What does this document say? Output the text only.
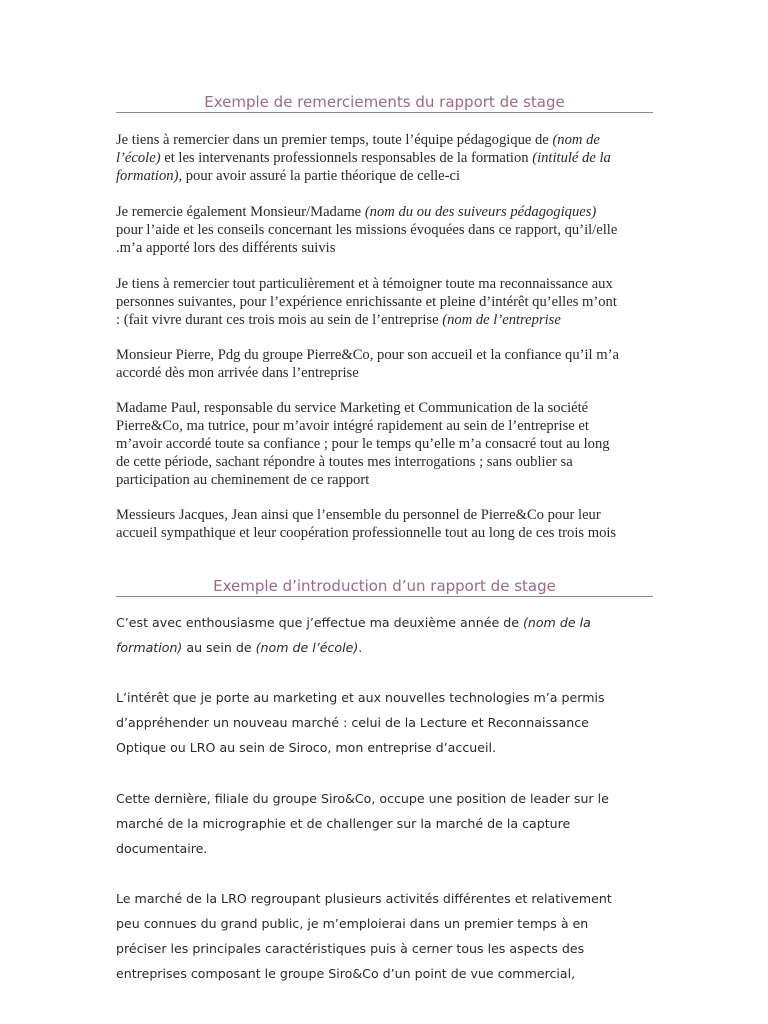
Exemple de remerciements du rapport de stage
Je tiens à remercier dans un premier temps, toute l’équipe pédagogique de (nom de
l’école) et les intervenants professionnels responsables de la formation (intitulé de la
formation), pour avoir assuré la partie théorique de celle-ci
Je remercie également Monsieur/Madame (nom du ou des suiveurs pédagogiques)
pour l’aide et les conseils concernant les missions évoquées dans ce rapport, qu’il/elle
.m’a apporté lors des différents suivis
Je tiens à remercier tout particulièrement et à témoigner toute ma reconnaissance aux
personnes suivantes, pour l’expérience enrichissante et pleine d’intérêt qu’elles m’ont
: (fait vivre durant ces trois mois au sein de l’entreprise (nom de l’entreprise
Monsieur Pierre, Pdg du groupe Pierre&Co, pour son accueil et la confiance qu’il m’a
accordé dès mon arrivée dans l’entreprise
Madame Paul, responsable du service Marketing et Communication de la société
Pierre&Co, ma tutrice, pour m’avoir intégré rapidement au sein de l’entreprise et
m’avoir accordé toute sa confiance ; pour le temps qu’elle m’a consacré tout au long
de cette période, sachant répondre à toutes mes interrogations ; sans oublier sa
participation au cheminement de ce rapport
Messieurs Jacques, Jean ainsi que l’ensemble du personnel de Pierre&Co pour leur
accueil sympathique et leur coopération professionnelle tout au long de ces trois mois
Exemple d’introduction d’un rapport de stage
C’est avec enthousiasme que j’effectue ma deuxième année de (nom de la
formation) au sein de (nom de l’école).
L’intérêt que je porte au marketing et aux nouvelles technologies m’a permis
d’appréhender un nouveau marché : celui de la Lecture et Reconnaissance
Optique ou LRO au sein de Siroco, mon entreprise d’accueil.
Cette dernière, filiale du groupe Siro&Co, occupe une position de leader sur le
marché de la micrographie et de challenger sur la marché de la capture
documentaire.
Le marché de la LRO regroupant plusieurs activités différentes et relativement
peu connues du grand public, je m’emploierai dans un premier temps à en
préciser les principales caractéristiques puis à cerner tous les aspects des
entreprises composant le groupe Siro&Co d’un point de vue commercial,
